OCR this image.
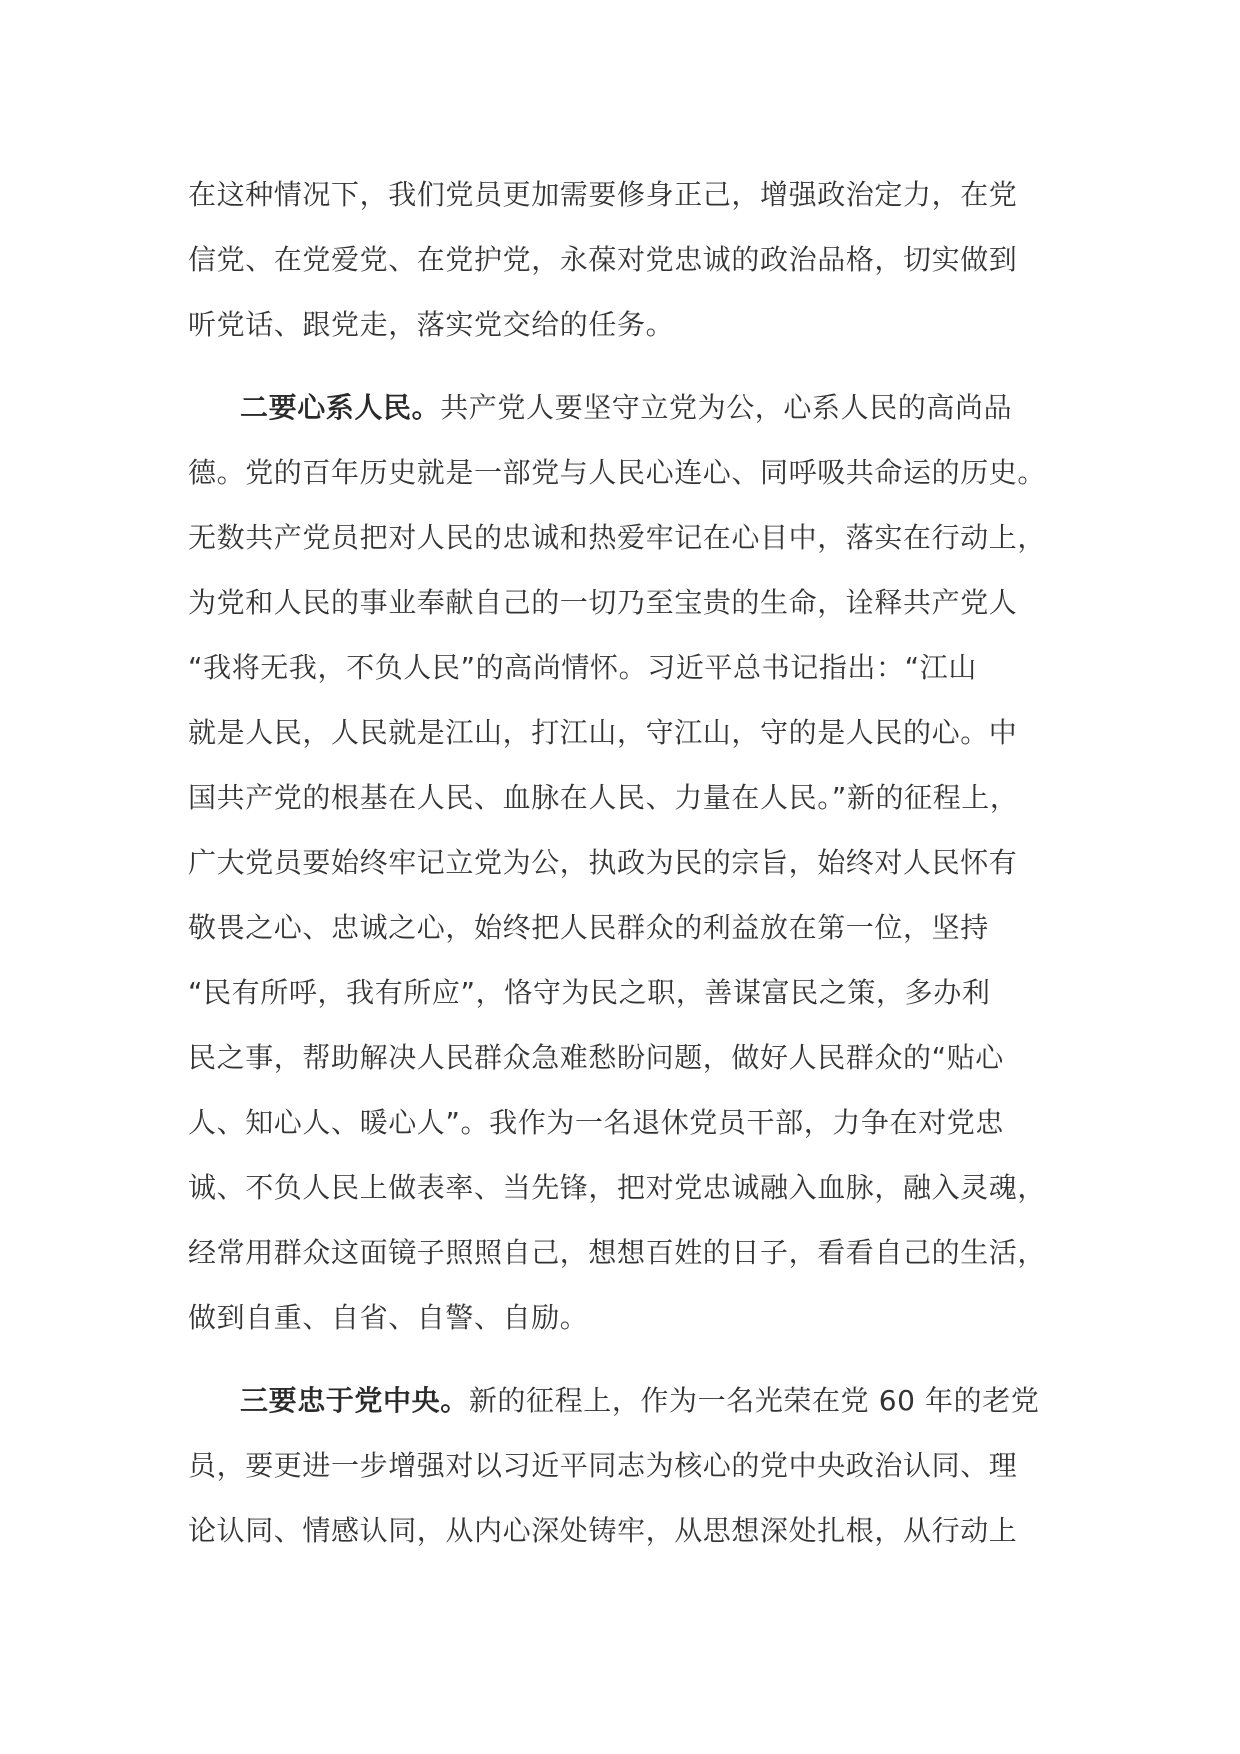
在这种情况下，我们党员更加需要修身正己，增强政治定力，在党
信党、在党爱党、在党护党，永葆对党忠诚的政治品格，切实做到
听党话、跟党走，落实党交给的任务。
二要心系人民。共产党人要坚守立党为公，心系人民的高尚品
德。党的百年历史就是一部党与人民心连心、同呼吸共命运的历史。
无数共产党员把对人民的忠诚和热爱牢记在心目中，落实在行动上，
为党和人民的事业奉献自己的一切乃至宝贵的生命，诠释共产党人
“我将无我，不负人民”的高尚情怀。习近平总书记指出：“江山
就是人民，人民就是江山，打江山，守江山，守的是人民的心。中
国共产党的根基在人民、血脉在人民、力量在人民。”新的征程上，
广大党员要始终牢记立党为公，执政为民的宗旨，始终对人民怀有
敬畏之心、忠诚之心，始终把人民群众的利益放在第一位，坚持
“民有所呼，我有所应”，恪守为民之职，善谋富民之策，多办利
民之事，帮助解决人民群众急难愁盼问题，做好人民群众的“贴心
人、知心人、暖心人”。我作为一名退休党员干部，力争在对党忠
诚、不负人民上做表率、当先锋，把对党忠诚融入血脉，融入灵魂，
经常用群众这面镜子照照自己，想想百姓的日子，看看自己的生活，
做到自重、自省、自警、自励。
三要忠于党中央。新的征程上，作为一名光荣在党 60 年的老党
员，要更进一步增强对以习近平同志为核心的党中央政治认同、理
论认同、情感认同，从内心深处铸牢，从思想深处扎根，从行动上
